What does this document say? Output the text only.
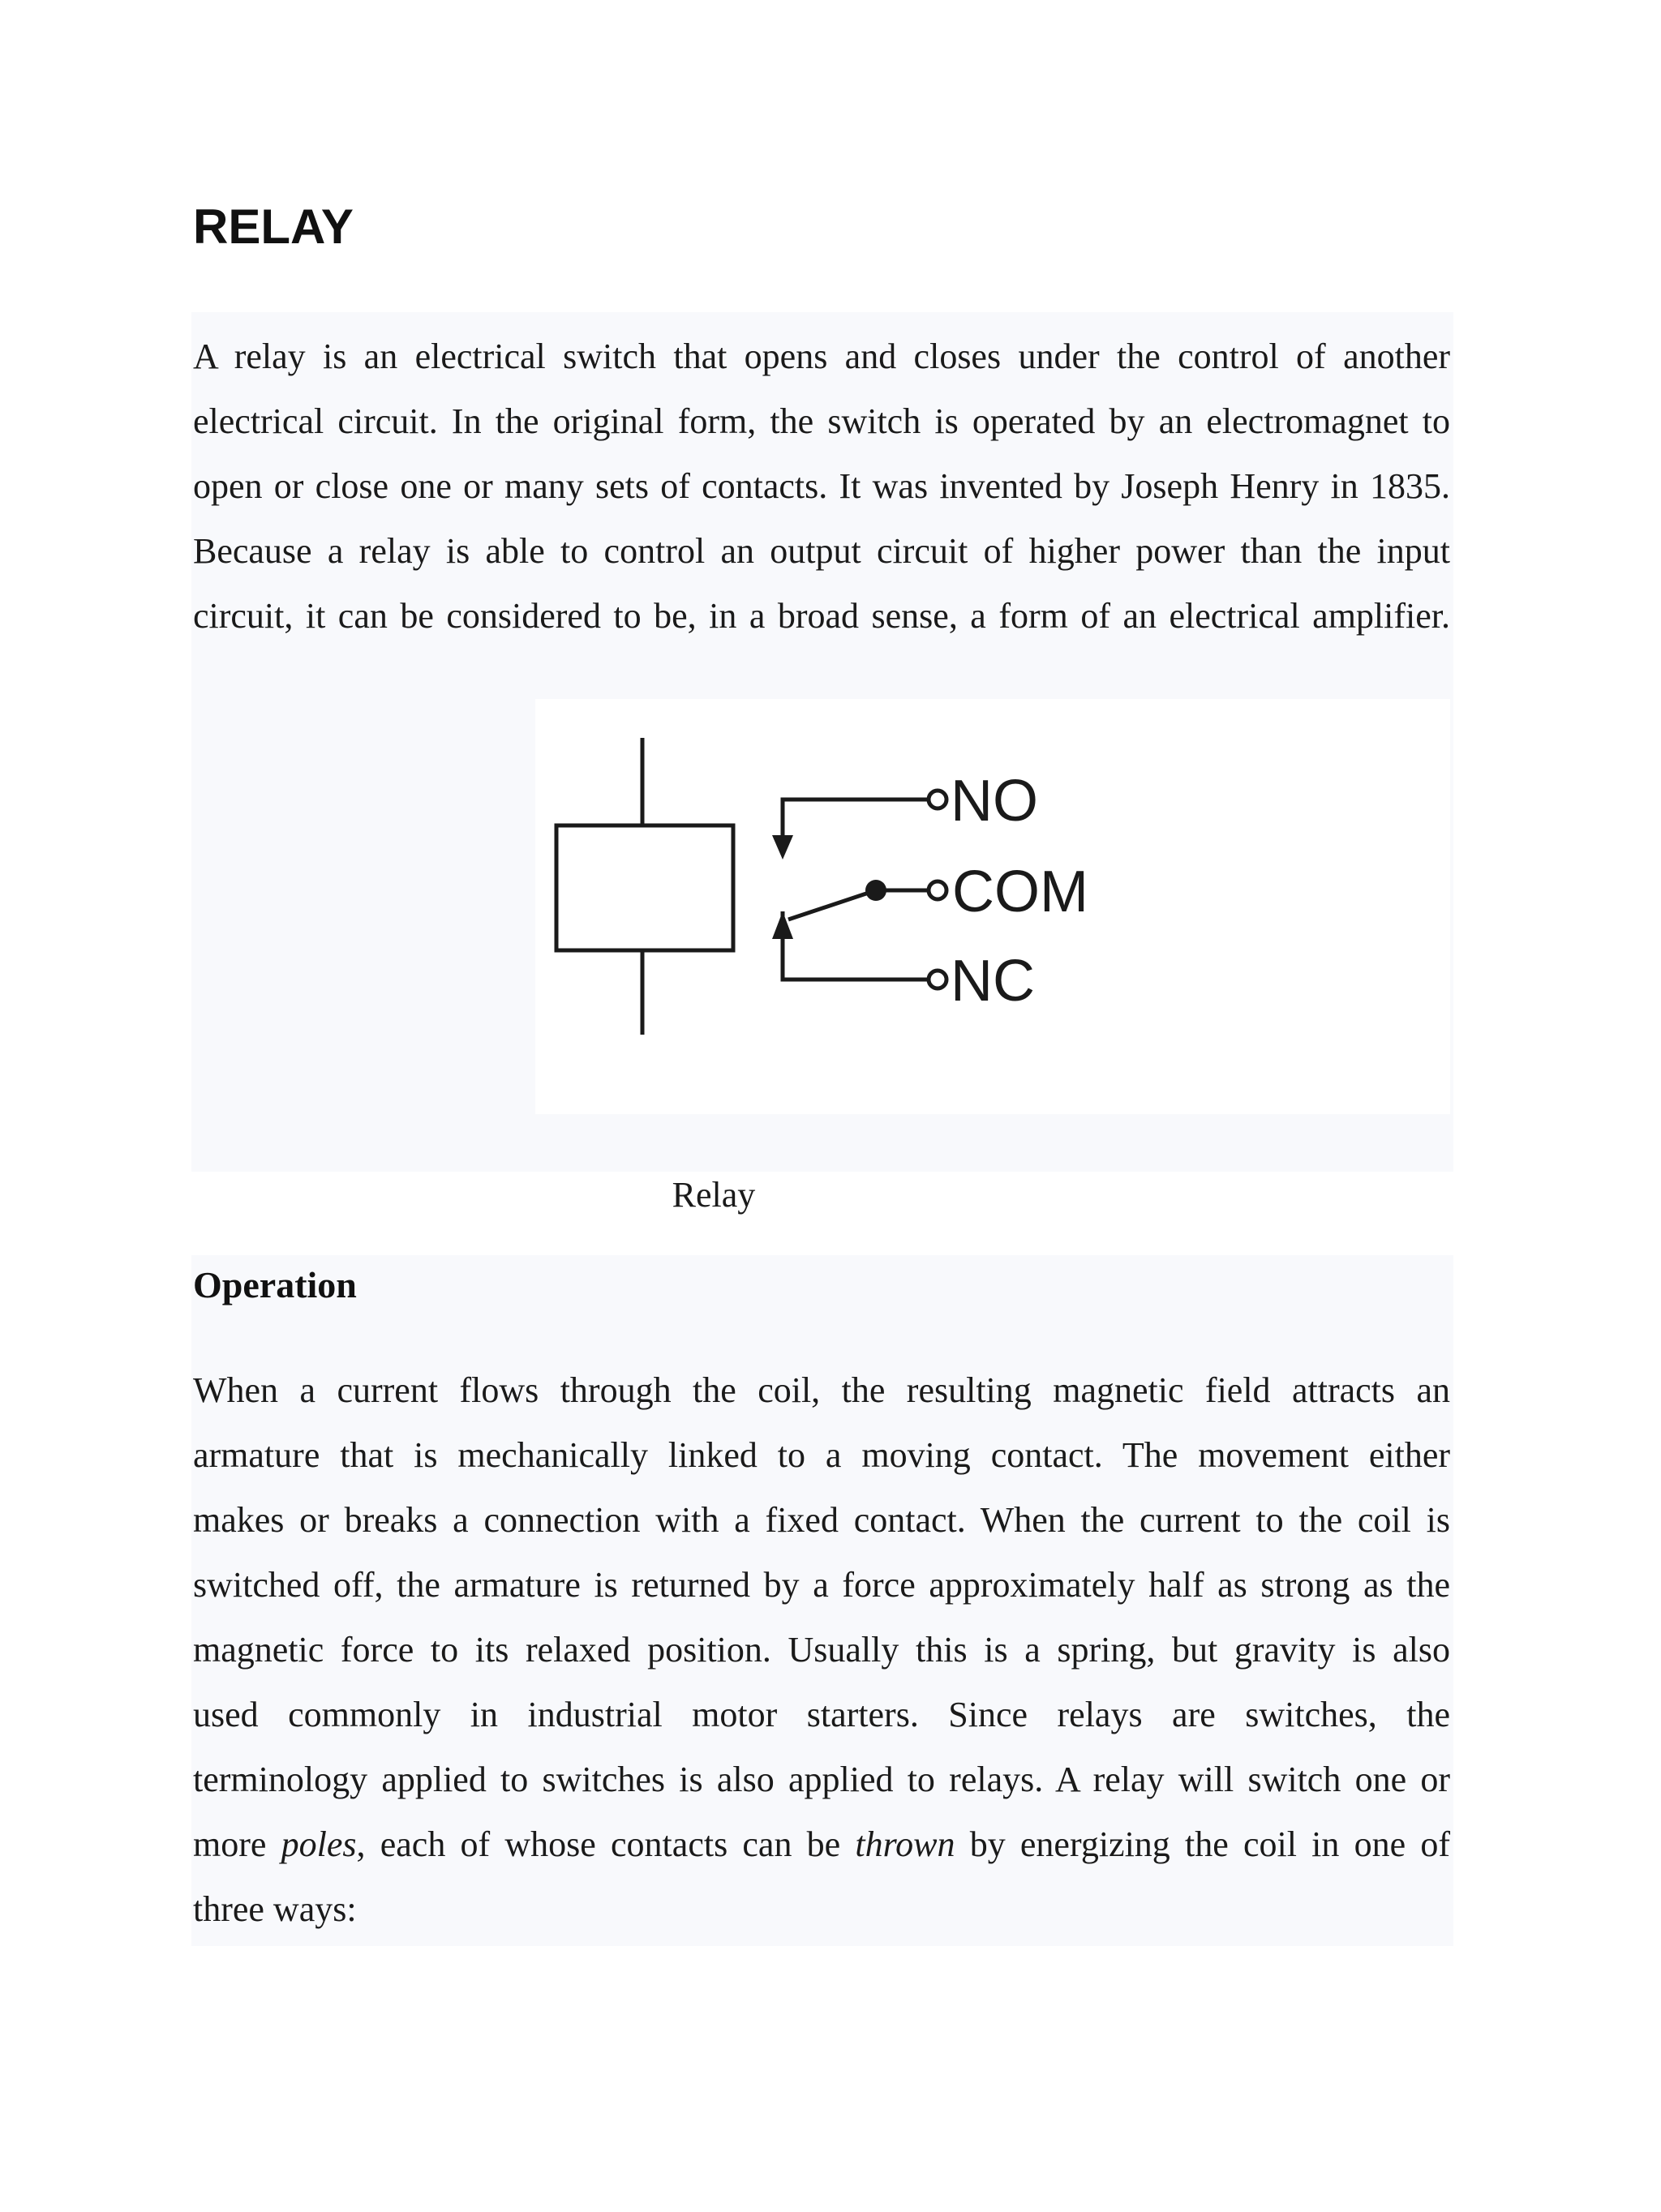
RELAY
A relay is an electrical switch that opens and closes under the control of another
electrical circuit. In the original form, the switch is operated by an electromagnet to
open or close one or many sets of contacts. It was invented by Joseph Henry in 1835.
Because a relay is able to control an output circuit of higher power than the input
circuit, it can be considered to be, in a broad sense, a form of an electrical amplifier.
NO
COM
NC

Relay

Operation
When a current flows through the coil, the resulting magnetic field attracts an
armature that is mechanically linked to a moving contact. The movement either
makes or breaks a connection with a fixed contact. When the current to the coil is
switched off, the armature is returned by a force approximately half as strong as the
magnetic force to its relaxed position. Usually this is a spring, but gravity is also
used commonly in industrial motor starters. Since relays are switches, the
terminology applied to switches is also applied to relays. A relay will switch one or
more poles, each of whose contacts can be thrown by energizing the coil in one of
three ways:
